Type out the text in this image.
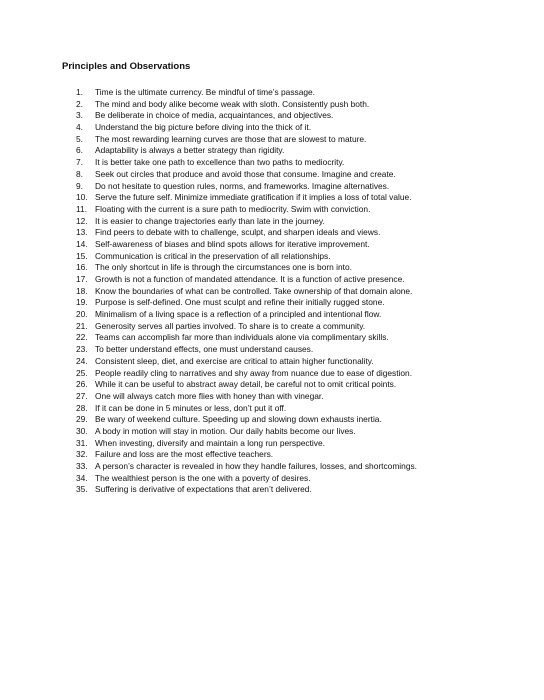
Principles and Observations
1.	Time is the ultimate currency. Be mindful of time’s passage.
2.	The mind and body alike become weak with sloth. Consistently push both.
3.	Be deliberate in choice of media, acquaintances, and objectives.
4.	Understand the big picture before diving into the thick of it.
5.	The most rewarding learning curves are those that are slowest to mature.
6.	Adaptability is always a better strategy than rigidity.
7.	It is better take one path to excellence than two paths to mediocrity.
8.	Seek out circles that produce and avoid those that consume. Imagine and create.
9.	Do not hesitate to question rules, norms, and frameworks. Imagine alternatives.
10. Serve the future self. Minimize immediate gratification if it implies a loss of total value.
11. Floating with the current is a sure path to mediocrity. Swim with conviction.
12. It is easier to change trajectories early than late in the journey.
13. Find peers to debate with to challenge, sculpt, and sharpen ideals and views.
14. Self-awareness of biases and blind spots allows for iterative improvement.
15. Communication is critical in the preservation of all relationships.
16. The only shortcut in life is through the circumstances one is born into.
17. Growth is not a function of mandated attendance. It is a function of active presence.
18. Know the boundaries of what can be controlled. Take ownership of that domain alone.
19. Purpose is self-defined. One must sculpt and refine their initially rugged stone.
20. Minimalism of a living space is a reflection of a principled and intentional flow.
21. Generosity serves all parties involved. To share is to create a community.
22. Teams can accomplish far more than individuals alone via complimentary skills.
23. To better understand effects, one must understand causes.
24. Consistent sleep, diet, and exercise are critical to attain higher functionality.
25. People readily cling to narratives and shy away from nuance due to ease of digestion.
26. While it can be useful to abstract away detail, be careful not to omit critical points.
27. One will always catch more flies with honey than with vinegar.
28. If it can be done in 5 minutes or less, don’t put it off.
29. Be wary of weekend culture. Speeding up and slowing down exhausts inertia.
30. A body in motion will stay in motion. Our daily habits become our lives.
31. When investing, diversify and maintain a long run perspective.
32. Failure and loss are the most effective teachers.
33. A person’s character is revealed in how they handle failures, losses, and shortcomings.
34. The wealthiest person is the one with a poverty of desires.
35. Suffering is derivative of expectations that aren’t delivered.
